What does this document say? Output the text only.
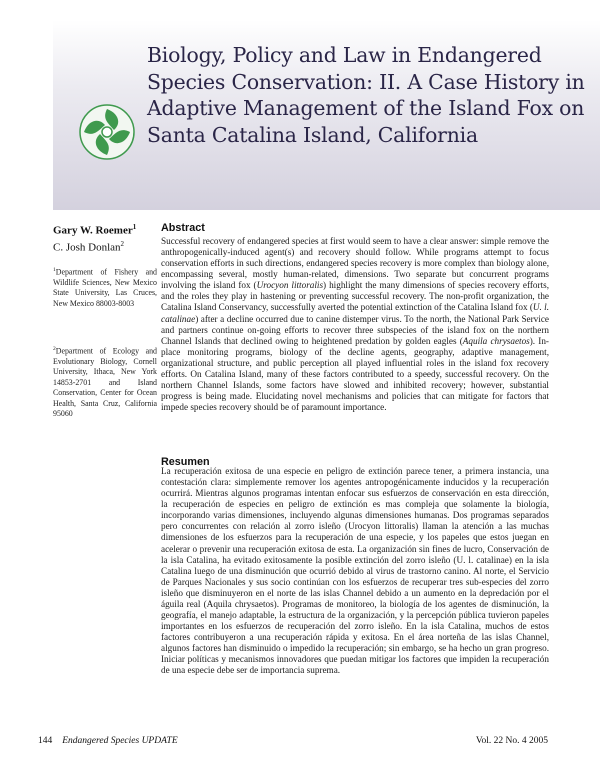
Biology, Policy and Law in Endangered Species Conservation: II. A Case History in Adaptive Management of the Island Fox on Santa Catalina Island, California
Gary W. Roemer$^1$
C. Josh Donlan$^2$
$^1$Department of Fishery and Wildlife Sciences, New Mexico State University, Las Cruces, New Mexico 88003-8003
$^2$Department of Ecology and Evolutionary Biology, Cornell University, Ithaca, New York 14853-2701 and Island Conservation, Center for Ocean Health, Santa Cruz, California 95060
Abstract

Successful recovery of endangered species at first would seem to have a clear answer: simple remove the anthropogenically-induced agent(s) and recovery should follow. While programs attempt to focus conservation efforts in such directions, endangered species recovery is more complex than biology alone, encompassing several, mostly human-related, dimensions. Two separate but concurrent programs involving the island fox (Urocyon littoralis) highlight the many dimensions of species recovery efforts, and the roles they play in hastening or preventing successful recovery. The non-profit organization, the Catalina Island Conservancy, successfully averted the potential extinction of the Catalina Island fox (U. l. catalinae) after a decline occurred due to canine distemper virus. To the north, the National Park Service and partners continue on-going efforts to recover three subspecies of the island fox on the northern Channel Islands that declined owing to heightened predation by golden eagles (Aquila chrysaetos). In-place monitoring programs, biology of the decline agents, geography, adaptive management, organizational structure, and public perception all played influential roles in the island fox recovery efforts. On Catalina Island, many of these factors contributed to a speedy, successful recovery. On the northern Channel Islands, some factors have slowed and inhibited recovery; however, substantial progress is being made. Elucidating novel mechanisms and policies that can mitigate for factors that impede species recovery should be of paramount importance.

Resumen

La recuperación exitosa de una especie en peligro de extinción parece tener, a primera instancia, una contestación clara: simplemente remover los agentes antropogénicamente inducidos y la recuperación ocurrirá. Mientras algunos programas intentan enfocar sus esfuerzos de conservación en esta dirección, la recuperación de especies en peligro de extinción es mas compleja que solamente la biología, incorporando varias dimensiones, incluyendo algunas dimensiones humanas. Dos programas separados pero concurrentes con relación al zorro isleño (Urocyon littoralis) llaman la atención a las muchas dimensiones de los esfuerzos para la recuperación de una especie, y los papeles que estos juegan en acelerar o prevenir una recuperación exitosa de esta. La organización sin fines de lucro, Conservación de la isla Catalina, ha evitado exitosamente la posible extinción del zorro isleño (U. l. catalinae) en la isla Catalina luego de una disminución que ocurrió debido al virus de trastorno canino. Al norte, el Servicio de Parques Nacionales y sus socio continúan con los esfuerzos de recuperar tres sub-especies del zorro isleño que disminuyeron en el norte de las islas Channel debido a un aumento en la depredación por el águila real (Aquila chrysaetos). Programas de monitoreo, la biología de los agentes de disminución, la geografía, el manejo adaptable, la estructura de la organización, y la percepción pública tuvieron papeles importantes en los esfuerzos de recuperación del zorro isleño. En la isla Catalina, muchos de estos factores contribuyeron a una recuperación rápida y exitosa. En el área norteña de las islas Channel, algunos factores han disminuido o impedido la recuperación; sin embargo, se ha hecho un gran progreso. Iniciar políticas y mecanismos innovadores que puedan mitigar los factores que impiden la recuperación de una especie debe ser de importancia suprema.

144 Endangered Species UPDATE	Vol. 22 No. 4 2005
